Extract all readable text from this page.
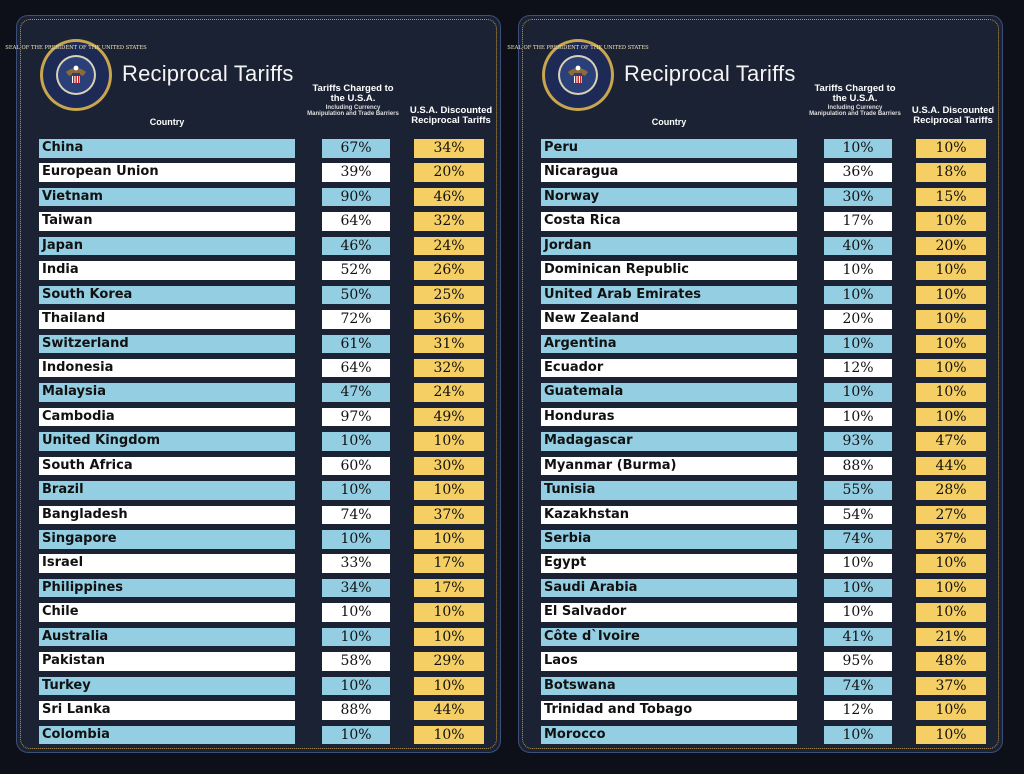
SEAL OF THE PRESIDENT OF THE UNITED STATES
Reciprocal Tariffs
Country
Tariffs Charged to the U.S.A.
Including Currency Manipulation and Trade Barriers	U.S.A. Discounted Reciprocal Tariffs
China	67%	34%
European Union	39%	20%
Vietnam	90%	46%
Taiwan	64%	32%
Japan	46%	24%
India	52%	26%
South Korea	50%	25%
Thailand	72%	36%
Switzerland	61%	31%
Indonesia	64%	32%
Malaysia	47%	24%
Cambodia	97%	49%
United Kingdom	10%	10%
South Africa	60%	30%
Brazil	10%	10%
Bangladesh	74%	37%
Singapore	10%	10%
Israel	33%	17%
Philippines	34%	17%
Chile	10%	10%
Australia	10%	10%
Pakistan	58%	29%
Turkey	10%	10%
Sri Lanka	88%	44%
Colombia	10%	10%
SEAL OF THE PRESIDENT OF THE UNITED STATES
Reciprocal Tariffs
Country
Tariffs Charged to the U.S.A.
Including Currency Manipulation and Trade Barriers	U.S.A. Discounted Reciprocal Tariffs
Peru	10%	10%
Nicaragua	36%	18%
Norway	30%	15%
Costa Rica	17%	10%
Jordan	40%	20%
Dominican Republic	10%	10%
United Arab Emirates	10%	10%
New Zealand	20%	10%
Argentina	10%	10%
Ecuador	12%	10%
Guatemala	10%	10%
Honduras	10%	10%
Madagascar	93%	47%
Myanmar (Burma)	88%	44%
Tunisia	55%	28%
Kazakhstan	54%	27%
Serbia	74%	37%
Egypt	10%	10%
Saudi Arabia	10%	10%
El Salvador	10%	10%
Côte d`Ivoire	41%	21%
Laos	95%	48%
Botswana	74%	37%
Trinidad and Tobago	12%	10%
Morocco	10%	10%
